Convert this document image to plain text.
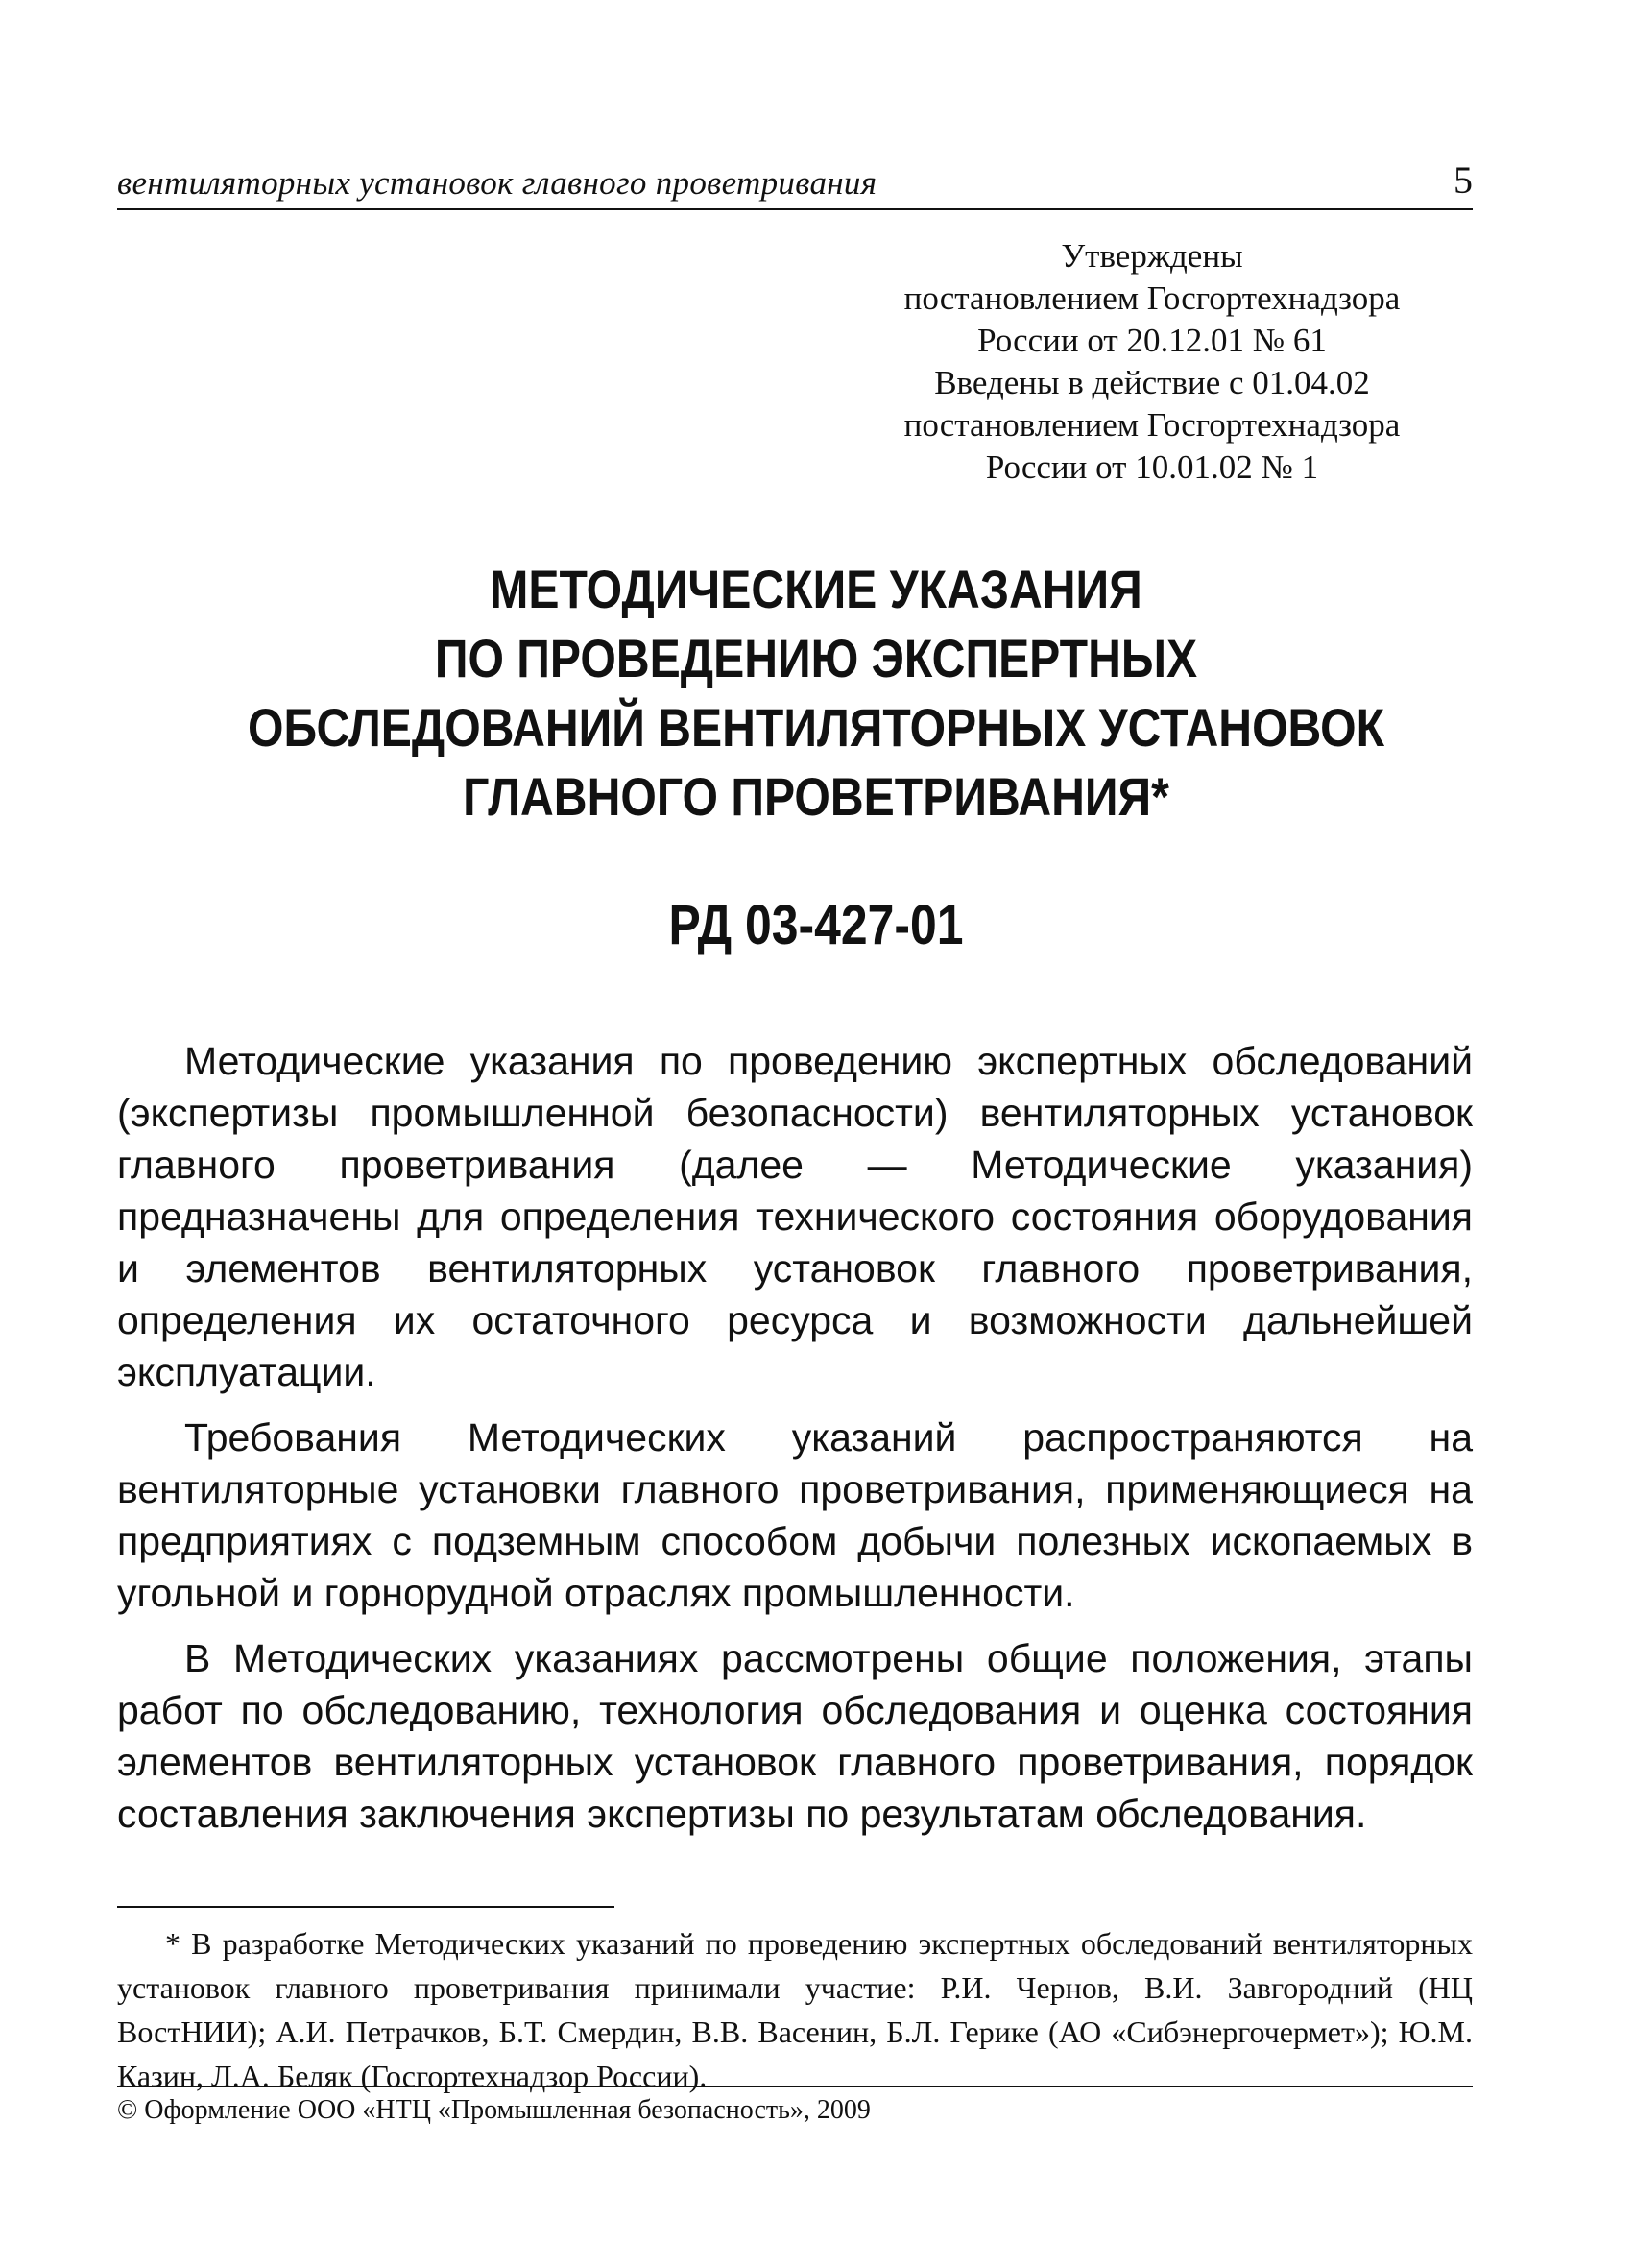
вентиляторных установок главного проветривания	5
Утверждены
постановлением Госгортехнадзора
России от 20.12.01 № 61
Введены в действие с 01.04.02
постановлением Госгортехнадзора
России от 10.01.02 № 1
МЕТОДИЧЕСКИЕ УКАЗАНИЯ
ПО ПРОВЕДЕНИЮ ЭКСПЕРТНЫХ
ОБСЛЕДОВАНИЙ ВЕНТИЛЯТОРНЫХ УСТАНОВОК
ГЛАВНОГО ПРОВЕТРИВАНИЯ*
РД 03-427-01

Методические указания по проведению экспертных обследований (экспертизы промышленной безопасности) вентиляторных установок главного проветривания (далее — Методические указания) предназначены для определения технического состояния оборудования и элементов вентиляторных установок главного проветривания, определения их остаточного ресурса и возможности дальнейшей эксплуатации.

Требования Методических указаний распространяются на вентиляторные установки главного проветривания, применяющиеся на предприятиях с подземным способом добычи полезных ископаемых в угольной и горнорудной отраслях промышленности.

В Методических указаниях рассмотрены общие положения, этапы работ по обследованию, технология обследования и оценка состояния элементов вентиляторных установок главного проветривания, порядок составления заключения экспертизы по результатам обследования.

* В разработке Методических указаний по проведению экспертных обследований вентиляторных установок главного проветривания принимали участие: Р.И. Чернов, В.И. Завгородний (НЦ ВостНИИ); А.И. Петрачков, Б.Т. Смердин, В.В. Васенин, Б.Л. Герике (АО «Сибэнергочермет»); Ю.М. Казин, Л.А. Беляк (Госгортехнадзор России).
© Оформление ООО «НТЦ «Промышленная безопасность», 2009
